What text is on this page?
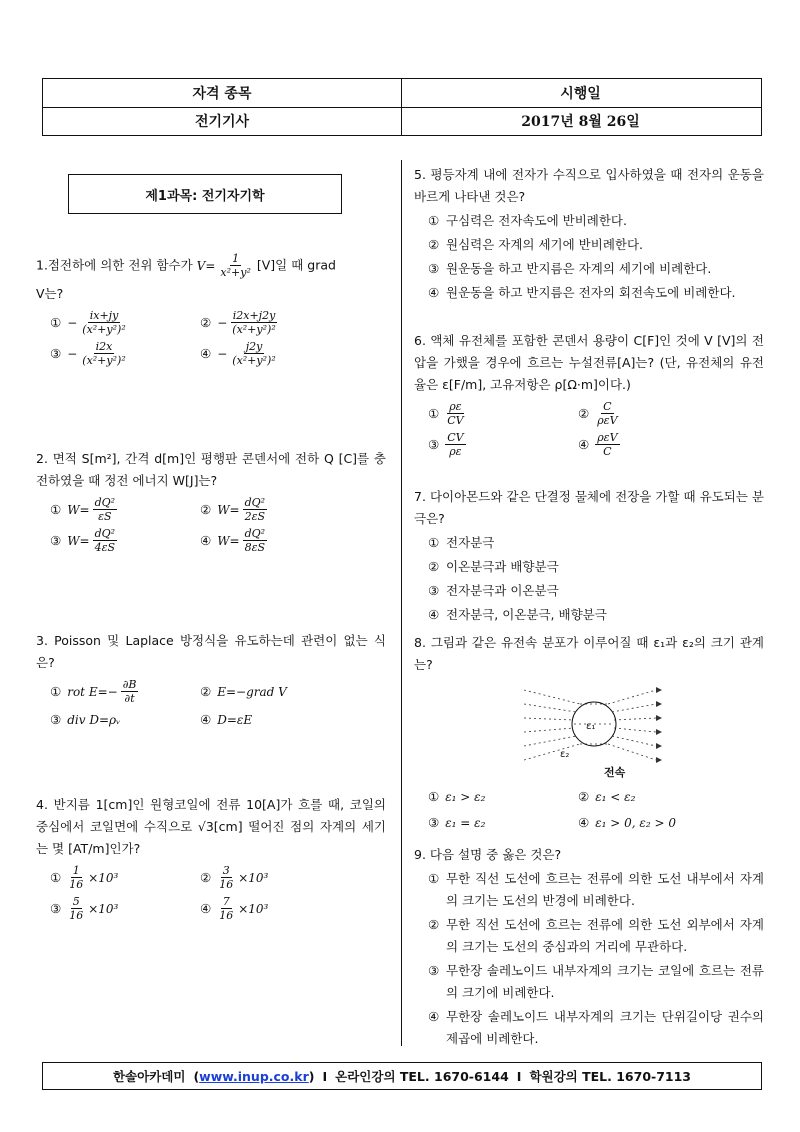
자격 종목	시행일
전기기사	2017년 8월 26일
제1과목: 전기자기학
1.점전하에 의한 전위 함수가 $V= \frac{1}{\text{x²+y²}} [V]$일 때 grad
V는?
① − $\frac{ix+jy}{\text{(x²+y²)²}}$	② − $\frac{i2x+j2y}{\text{(x²+y²)²}}$
③ − $\frac{i2x}{\text{(x²+y²)²}}$	④ − $\frac{j2y}{\text{(x²+y²)²}}$
2. 면적 S[m²], 간격 d[m]인 평행판 콘덴서에 전하 Q [C]를 충전하였을 때 정전 에너지 W[J]는?
① $W= \frac{\text{dQ²}}{\varepsilon S}$	② $W= \frac{\text{dQ²}}{2\varepsilon S}$
③ $W= \frac{\text{dQ²}}{4\varepsilon S}$	④ $W= \frac{\text{dQ²}}{8\varepsilon S}$
3. Poisson 및 Laplace 방정식을 유도하는데 관련이 없는 식은?
① rot $E=- \frac{\partial B}{\partial t}$	② E=−grad V
③ div D=ρᵥ	④ D=εE
4. 반지름 1[cm]인 원형코일에 전류 10[A]가 흐를 때, 코일의 중심에서 코일면에 수직으로 √3[cm] 떨어진 점의 자계의 세기는 몇 [AT/m]인가?
① $\frac{1}{16} \times 10^3$	② $\frac{3}{16} \times 10^3$
③ $\frac{5}{16} \times 10^3$	④ $\frac{7}{16} \times 10^3$
5. 평등자계 내에 전자가 수직으로 입사하였을 때 전자의 운동을 바르게 나타낸 것은?
① 구심력은 전자속도에 반비례한다.
② 원심력은 자계의 세기에 반비례한다.
③ 원운동을 하고 반지름은 자계의 세기에 비례한다.
④ 원운동을 하고 반지름은 전자의 회전속도에 비례한다.
6. 액체 유전체를 포함한 콘덴서 용량이 C[F]인 것에 V [V]의 전압을 가했을 경우에 흐르는 누설전류[A]는? (단, 유전체의 유전율은 ε[F/m], 고유저항은 ρ[Ω·m]이다.)
① $\frac{\rho\varepsilon}{CV}$	② $\frac{C}{\text{ρεV}}$
③ $\frac{CV}{\rho\varepsilon}$	④ $\frac{\text{ρεV}}{C}$
7. 다이아몬드와 같은 단결정 물체에 전장을 가할 때 유도되는 분극은?
① 전자분극
② 이온분극과 배향분극
③ 전자분극과 이온분극
④ 전자분극, 이온분극, 배향분극
8. 그림과 같은 유전속 분포가 이루어질 때 ε₁과 ε₂의 크기 관계는?
ε₁
ε₂
전속
① ε₁ > ε₂	② ε₁ < ε₂
③ ε₁ = ε₂	④ ε₁ > 0, ε₂ > 0
9. 다음 설명 중 옳은 것은?
① 무한 직선 도선에 흐르는 전류에 의한 도선 내부에서 자계의 크기는 도선의 반경에 비례한다.
② 무한 직선 도선에 흐르는 전류에 의한 도선 외부에서 자계의 크기는 도선의 중심과의 거리에 무관하다.
③ 무한장 솔레노이드 내부자계의 크기는 코일에 흐르는 전류의 크기에 비례한다.
④ 무한장 솔레노이드 내부자계의 크기는 단위길이당 권수의 제곱에 비례한다.
한솔아카데미 (www.inup.co.kr) I 온라인강의 TEL. 1670-6144 I 학원강의 TEL. 1670-7113
